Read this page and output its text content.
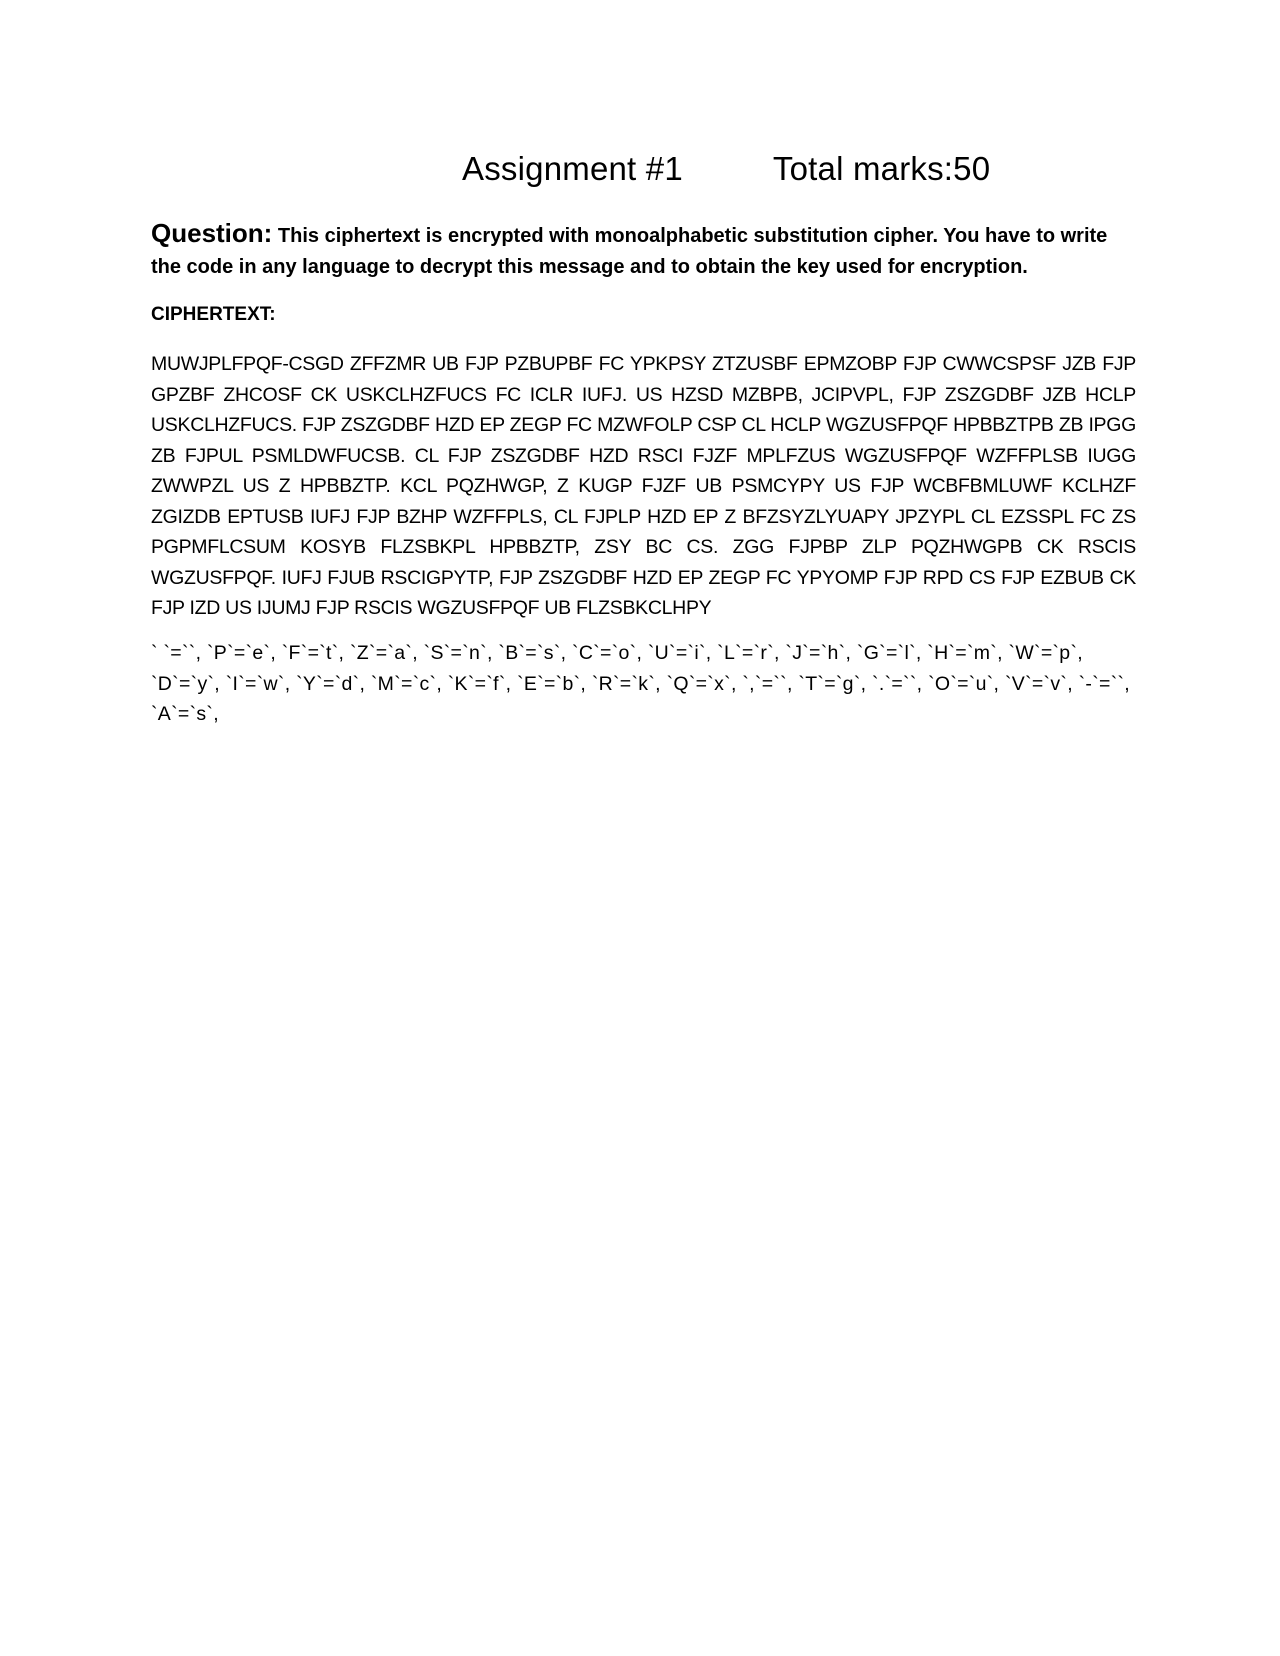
Assignment #1	Total marks:50
Question: This ciphertext is encrypted with monoalphabetic substitution cipher. You have to write the code in any language to decrypt this message and to obtain the key used for encryption.
CIPHERTEXT:
MUWJPLFPQF-CSGD ZFFZMR UB FJP PZBUPBF FC YPKPSY ZTZUSBF EPMZOBP FJP CWWCSPSF JZB FJP GPZBF ZHCOSF CK USKCLHZFUCS FC ICLR IUFJ. US HZSD MZBPB, JCIPVPL, FJP ZSZGDBF JZB HCLP USKCLHZFUCS. FJP ZSZGDBF HZD EP ZEGP FC MZWFOLP CSP CL HCLP WGZUSFPQF HPBBZTPB ZB IPGG ZB FJPUL PSMLDWFUCSB. CL FJP ZSZGDBF HZD RSCI FJZF MPLFZUS WGZUSFPQF WZFFPLSB IUGG ZWWPZL US Z HPBBZTP. KCL PQZHWGP, Z KUGP FJZF UB PSMCYPY US FJP WCBFBMLUWF KCLHZF ZGIZDB EPTUSB IUFJ FJP BZHP WZFFPLS, CL FJPLP HZD EP Z BFZSYZLYUAPY JPZYPL CL EZSSPL FC ZS PGPMFLCSUM KOSYB FLZSBKPL HPBBZTP, ZSY BC CS. ZGG FJPBP ZLP PQZHWGPB CK RSCIS WGZUSFPQF. IUFJ FJUB RSCIGPYTP, FJP ZSZGDBF HZD EP ZEGP FC YPYOMP FJP RPD CS FJP EZBUB CK FJP IZD US IJUMJ FJP RSCIS WGZUSFPQF UB FLZSBKCLHPY
` `=``, `P`=`e`, `F`=`t`, `Z`=`a`, `S`=`n`, `B`=`s`, `C`=`o`, `U`=`i`, `L`=`r`, `J`=`h`, `G`=`l`, `H`=`m`, `W`=`p`, `D`=`y`, `I`=`w`, `Y`=`d`, `M`=`c`, `K`=`f`, `E`=`b`, `R`=`k`, `Q`=`x`, `,`=``, `T`=`g`, `.`=``, `O`=`u`, `V`=`v`, `-`=``, `A`=`s`,
